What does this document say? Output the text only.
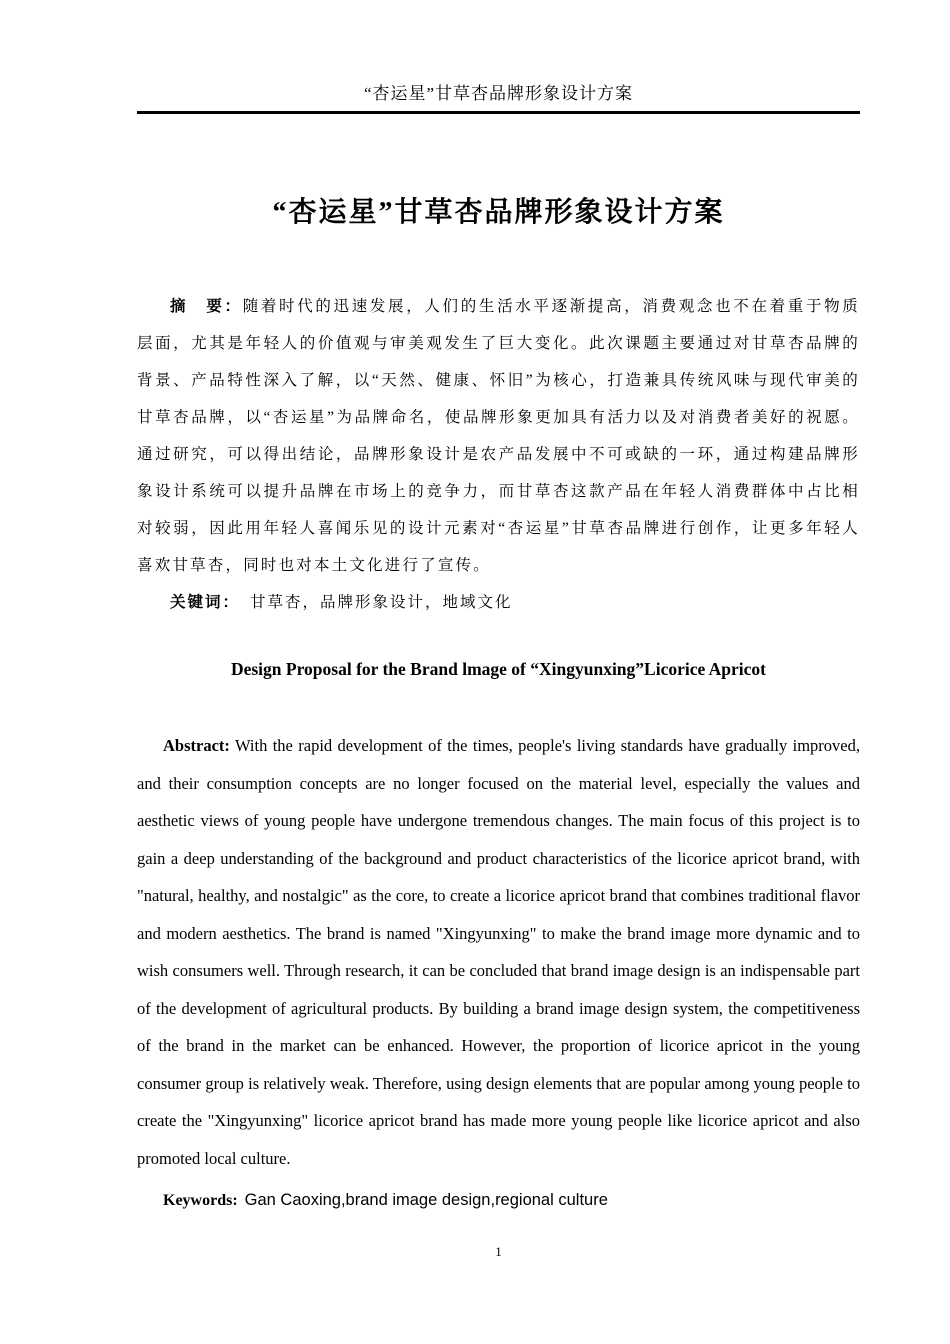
“杏运星”甘草杏品牌形象设计方案
“杏运星”甘草杏品牌形象设计方案

摘　要：随着时代的迅速发展，人们的生活水平逐渐提高，消费观念也不在着重于物质层面，尤其是年轻人的价值观与审美观发生了巨大变化。此次课题主要通过对甘草杏品牌的背景、产品特性深入了解，以“天然、健康、怀旧”为核心，打造兼具传统风味与现代审美的甘草杏品牌，以“杏运星”为品牌命名，使品牌形象更加具有活力以及对消费者美好的祝愿。通过研究，可以得出结论，品牌形象设计是农产品发展中不可或缺的一环，通过构建品牌形象设计系统可以提升品牌在市场上的竞争力，而甘草杏这款产品在年轻人消费群体中占比相对较弱，因此用年轻人喜闻乐见的设计元素对“杏运星”甘草杏品牌进行创作，让更多年轻人喜欢甘草杏，同时也对本土文化进行了宣传。

关键词： 甘草杏，品牌形象设计，地域文化

Design Proposal for the Brand lmage of “Xingyunxing”Licorice Apricot

Abstract: With the rapid development of the times, people's living standards have gradually improved, and their consumption concepts are no longer focused on the material level, especially the values and aesthetic views of young people have undergone tremendous changes. The main focus of this project is to gain a deep understanding of the background and product characteristics of the licorice apricot brand, with "natural, healthy, and nostalgic" as the core, to create a licorice apricot brand that combines traditional flavor and modern aesthetics. The brand is named "Xingyunxing" to make the brand image more dynamic and to wish consumers well. Through research, it can be concluded that brand image design is an indispensable part of the development of agricultural products. By building a brand image design system, the competitiveness of the brand in the market can be enhanced. However, the proportion of licorice apricot in the young consumer group is relatively weak. Therefore, using design elements that are popular among young people to create the "Xingyunxing" licorice apricot brand has made more young people like licorice apricot and also promoted local culture.

Keywords: Gan Caoxing,brand image design,regional culture

1
